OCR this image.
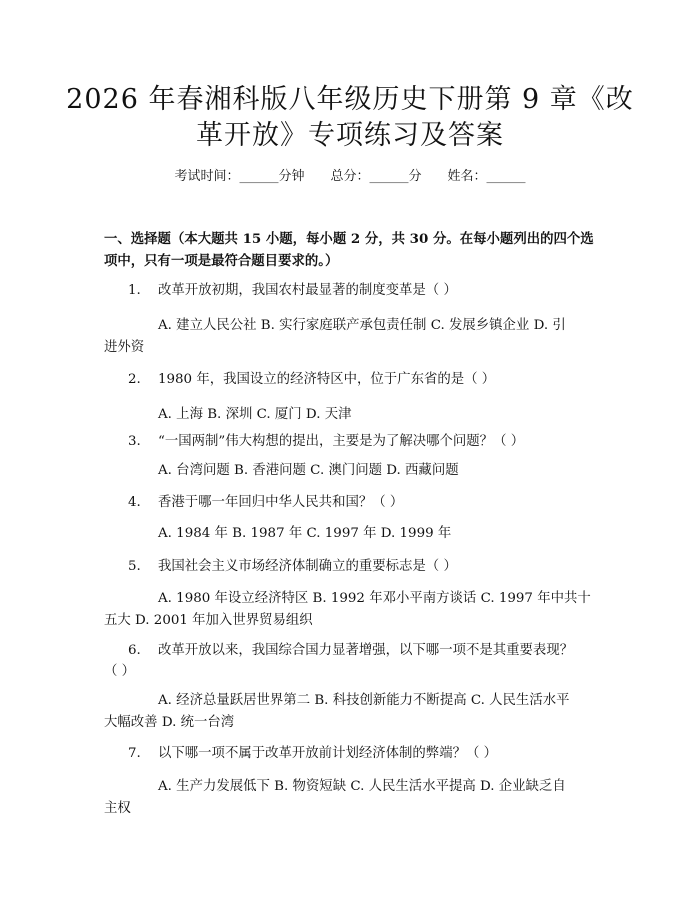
2026 年春湘科版八年级历史下册第 9 章《改
革开放》专项练习及答案
考试时间：______分钟 总分：______分 姓名：______
一、选择题（本大题共 15 小题，每小题 2 分，共 30 分。在每小题列出的四个选
项中，只有一项是最符合题目要求的。）
1. 改革开放初期，我国农村最显著的制度变革是（ ）
A. 建立人民公社 B. 实行家庭联产承包责任制 C. 发展乡镇企业 D. 引
进外资
2. 1980 年，我国设立的经济特区中，位于广东省的是（ ）
A. 上海 B. 深圳 C. 厦门 D. 天津
3. “一国两制”伟大构想的提出，主要是为了解决哪个问题？（ ）
A. 台湾问题 B. 香港问题 C. 澳门问题 D. 西藏问题
4. 香港于哪一年回归中华人民共和国？（ ）
A. 1984 年 B. 1987 年 C. 1997 年 D. 1999 年
5. 我国社会主义市场经济体制确立的重要标志是（ ）
A. 1980 年设立经济特区 B. 1992 年邓小平南方谈话 C. 1997 年中共十
五大 D. 2001 年加入世界贸易组织
6. 改革开放以来，我国综合国力显著增强，以下哪一项不是其重要表现？
（ ）
A. 经济总量跃居世界第二 B. 科技创新能力不断提高 C. 人民生活水平
大幅改善 D. 统一台湾
7. 以下哪一项不属于改革开放前计划经济体制的弊端？（ ）
A. 生产力发展低下 B. 物资短缺 C. 人民生活水平提高 D. 企业缺乏自
主权
